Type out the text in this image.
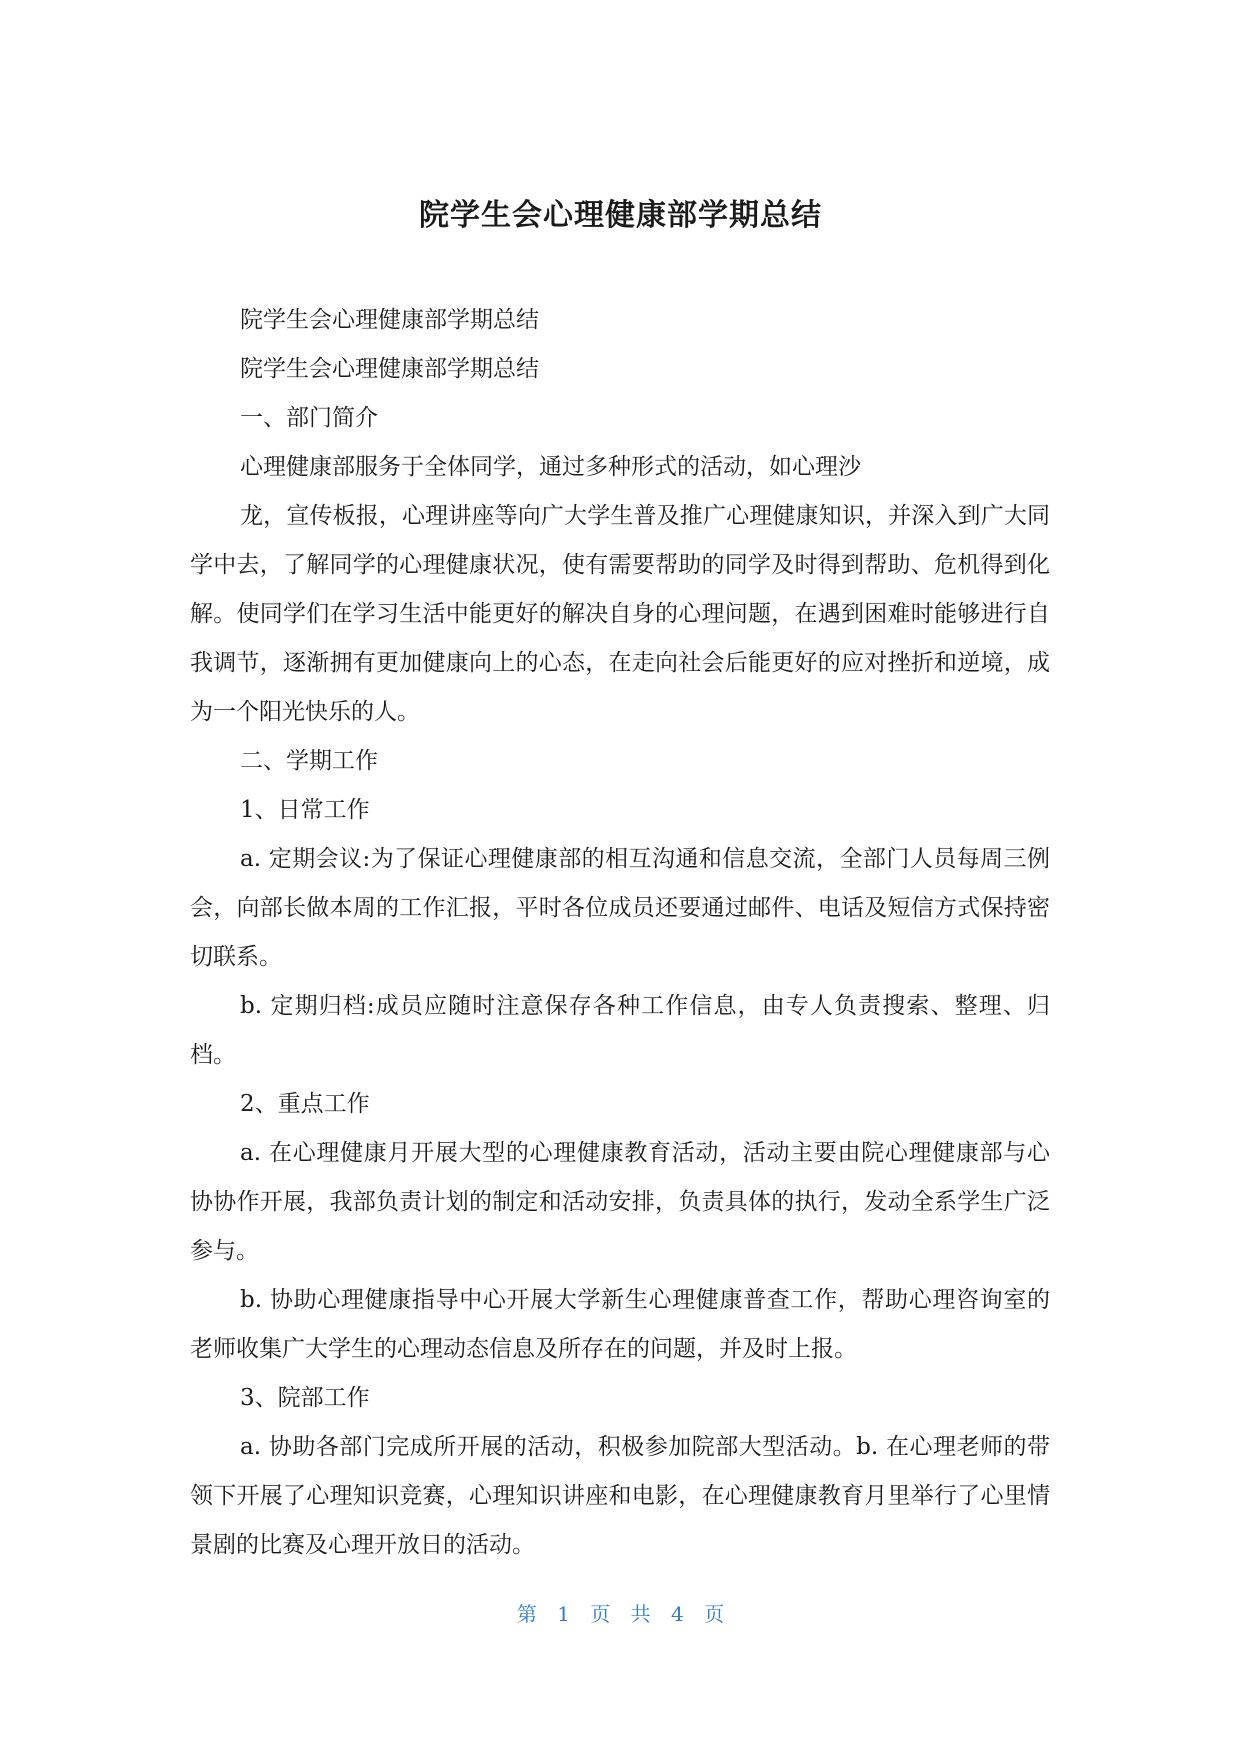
院学生会心理健康部学期总结

院学生会心理健康部学期总结

院学生会心理健康部学期总结

一、部门简介

心理健康部服务于全体同学，通过多种形式的活动，如心理沙

龙，宣传板报，心理讲座等向广大学生普及推广心理健康知识，并深入到广大同学中去，了解同学的心理健康状况，使有需要帮助的同学及时得到帮助、危机得到化解。使同学们在学习生活中能更好的解决自身的心理问题，在遇到困难时能够进行自我调节，逐渐拥有更加健康向上的心态，在走向社会后能更好的应对挫折和逆境，成为一个阳光快乐的人。

二、学期工作

1、日常工作

a. 定期会议:为了保证心理健康部的相互沟通和信息交流，全部门人员每周三例会，向部长做本周的工作汇报，平时各位成员还要通过邮件、电话及短信方式保持密切联系。

b. 定期归档:成员应随时注意保存各种工作信息，由专人负责搜索、整理、归档。

2、重点工作

a. 在心理健康月开展大型的心理健康教育活动，活动主要由院心理健康部与心协协作开展，我部负责计划的制定和活动安排，负责具体的执行，发动全系学生广泛参与。

b. 协助心理健康指导中心开展大学新生心理健康普查工作，帮助心理咨询室的老师收集广大学生的心理动态信息及所存在的问题，并及时上报。

3、院部工作

a. 协助各部门完成所开展的活动，积极参加院部大型活动。b. 在心理老师的带领下开展了心理知识竞赛，心理知识讲座和电影，在心理健康教育月里举行了心里情景剧的比赛及心理开放日的活动。

第 1 页 共 4 页
